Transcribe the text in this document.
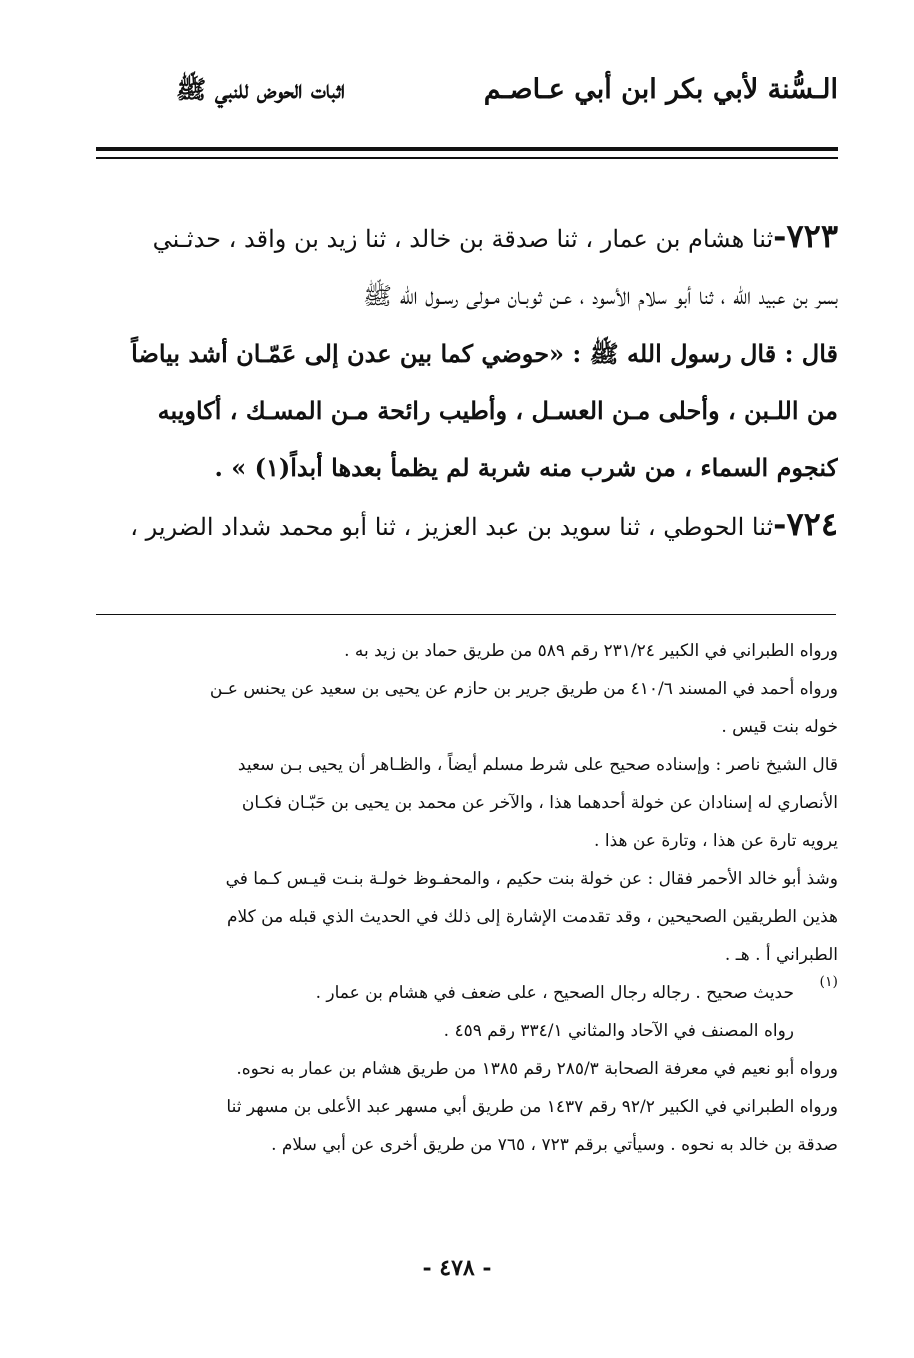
الـسُّنة لأبي بكر ابن أبي عـاصـم
اثبات الحوض للنبي ﷺ
٧٢٣-ثنا هشام بن عمار ، ثنا صدقة بن خالد ، ثنا زيد بن واقد ، حدثـني
بسر بن عبيد الله ، ثنا أبو سلام الأسود ، عـن ثوبـان مـولى رسـول الله ﷺ
قال : قال رسول الله ﷺ : «حوضي كما بين عدن إلى عَمّـان أشد بياضاً
من اللـبن ، وأحلى مـن العسـل ، وأطيب رائحة مـن المسـك ، أكاويبه
كنجوم السماء ، من شرب منه شربة لم يظمأ بعدها أبداً(١) » .
٧٢٤-ثنا الحوطي ، ثنا سويد بن عبد العزيز ، ثنا أبو محمد شداد الضرير ،
ورواه الطبراني في الكبير ٢٣١/٢٤ رقم ٥٨٩ من طريق حماد بن زيد به .
ورواه أحمد في المسند ٤١٠/٦ من طريق جرير بن حازم عن يحيى بن سعيد عن يحنس عـن
خوله بنت قيس .
قال الشيخ ناصر : وإسناده صحيح على شرط مسلم أيضاً ، والظـاهر أن يحيى بـن سعيد
الأنصاري له إسنادان عن خولة أحدهما هذا ، والآخر عن محمد بن يحيى بن حَبّـان فكـان
يرويه تارة عن هذا ، وتارة عن هذا .
وشذ أبو خالد الأحمر فقال : عن خولة بنت حكيم ، والمحفـوظ خولـة بنـت قيـس كـما في
هذين الطريقين الصحيحين ، وقد تقدمت الإشارة إلى ذلك في الحديث الذي قبله من كلام
الطبراني أ . هـ .
(١)
حديث صحيح . رجاله رجال الصحيح ، على ضعف في هشام بن عمار .
رواه المصنف في الآحاد والمثاني ٣٣٤/١ رقم ٤٥٩ .
ورواه أبو نعيم في معرفة الصحابة ٢٨٥/٣ رقم ١٣٨٥ من طريق هشام بن عمار به نحوه.
ورواه الطبراني في الكبير ٩٢/٢ رقم ١٤٣٧ من طريق أبي مسهر عبد الأعلى بن مسهر ثنا
صدقة بن خالد به نحوه . وسيأتي برقم ٧٢٣ ، ٧٦٥ من طريق أخرى عن أبي سلام .
- ٤٧٨ -
